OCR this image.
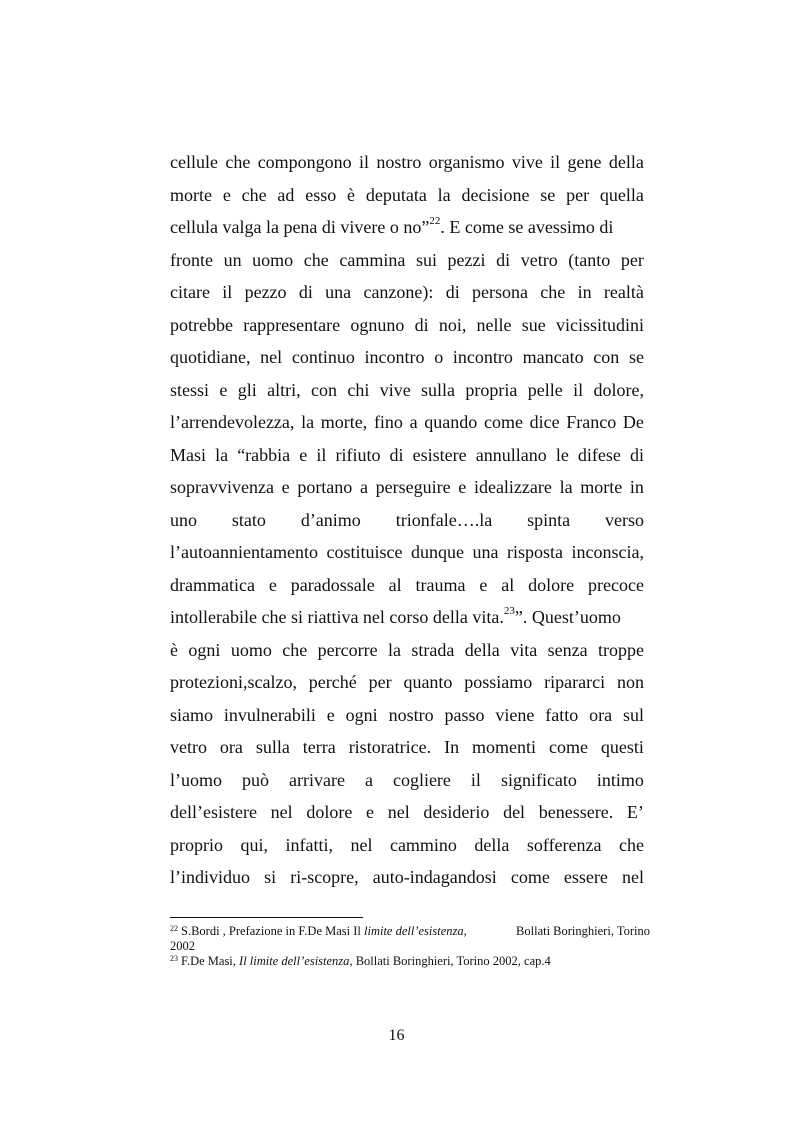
cellule che compongono il nostro organismo vive il gene della
morte e che ad esso è deputata la decisione se per quella
cellula valga la pena di vivere o no”$^{22}$. E come se avessimo di
fronte un uomo che cammina sui pezzi di vetro (tanto per
citare il pezzo di una canzone): di persona che in realtà
potrebbe rappresentare ognuno di noi, nelle sue vicissitudini
quotidiane, nel continuo incontro o incontro mancato con se
stessi e gli altri, con chi vive sulla propria pelle il dolore,
l’arrendevolezza, la morte, fino a quando come dice Franco De
Masi la “rabbia e il rifiuto di esistere annullano le difese di
sopravvivenza e portano a perseguire e idealizzare la morte in
uno stato d’animo trionfale….la spinta verso
l’autoannientamento costituisce dunque una risposta inconscia,
drammatica e paradossale al trauma e al dolore precoce
intollerabile che si riattiva nel corso della vita.$^{23}$”. Quest’uomo
è ogni uomo che percorre la strada della vita senza troppe
protezioni,scalzo, perché per quanto possiamo ripararci non
siamo invulnerabili e ogni nostro passo viene fatto ora sul
vetro ora sulla terra ristoratrice. In momenti come questi
l’uomo può arrivare a cogliere il significato intimo
dell’esistere nel dolore e nel desiderio del benessere. E’
proprio qui, infatti, nel cammino della sofferenza che
l’individuo si ri-scopre, auto-indagandosi come essere nel
$^{22}$ S.Bordi , Prefazione in F.De Masi Il limite dell’esistenza,	Bollati Boringhieri, Torino
2002
$^{23}$ F.De Masi, Il limite dell’esistenza, Bollati Boringhieri, Torino 2002, cap.4
16
